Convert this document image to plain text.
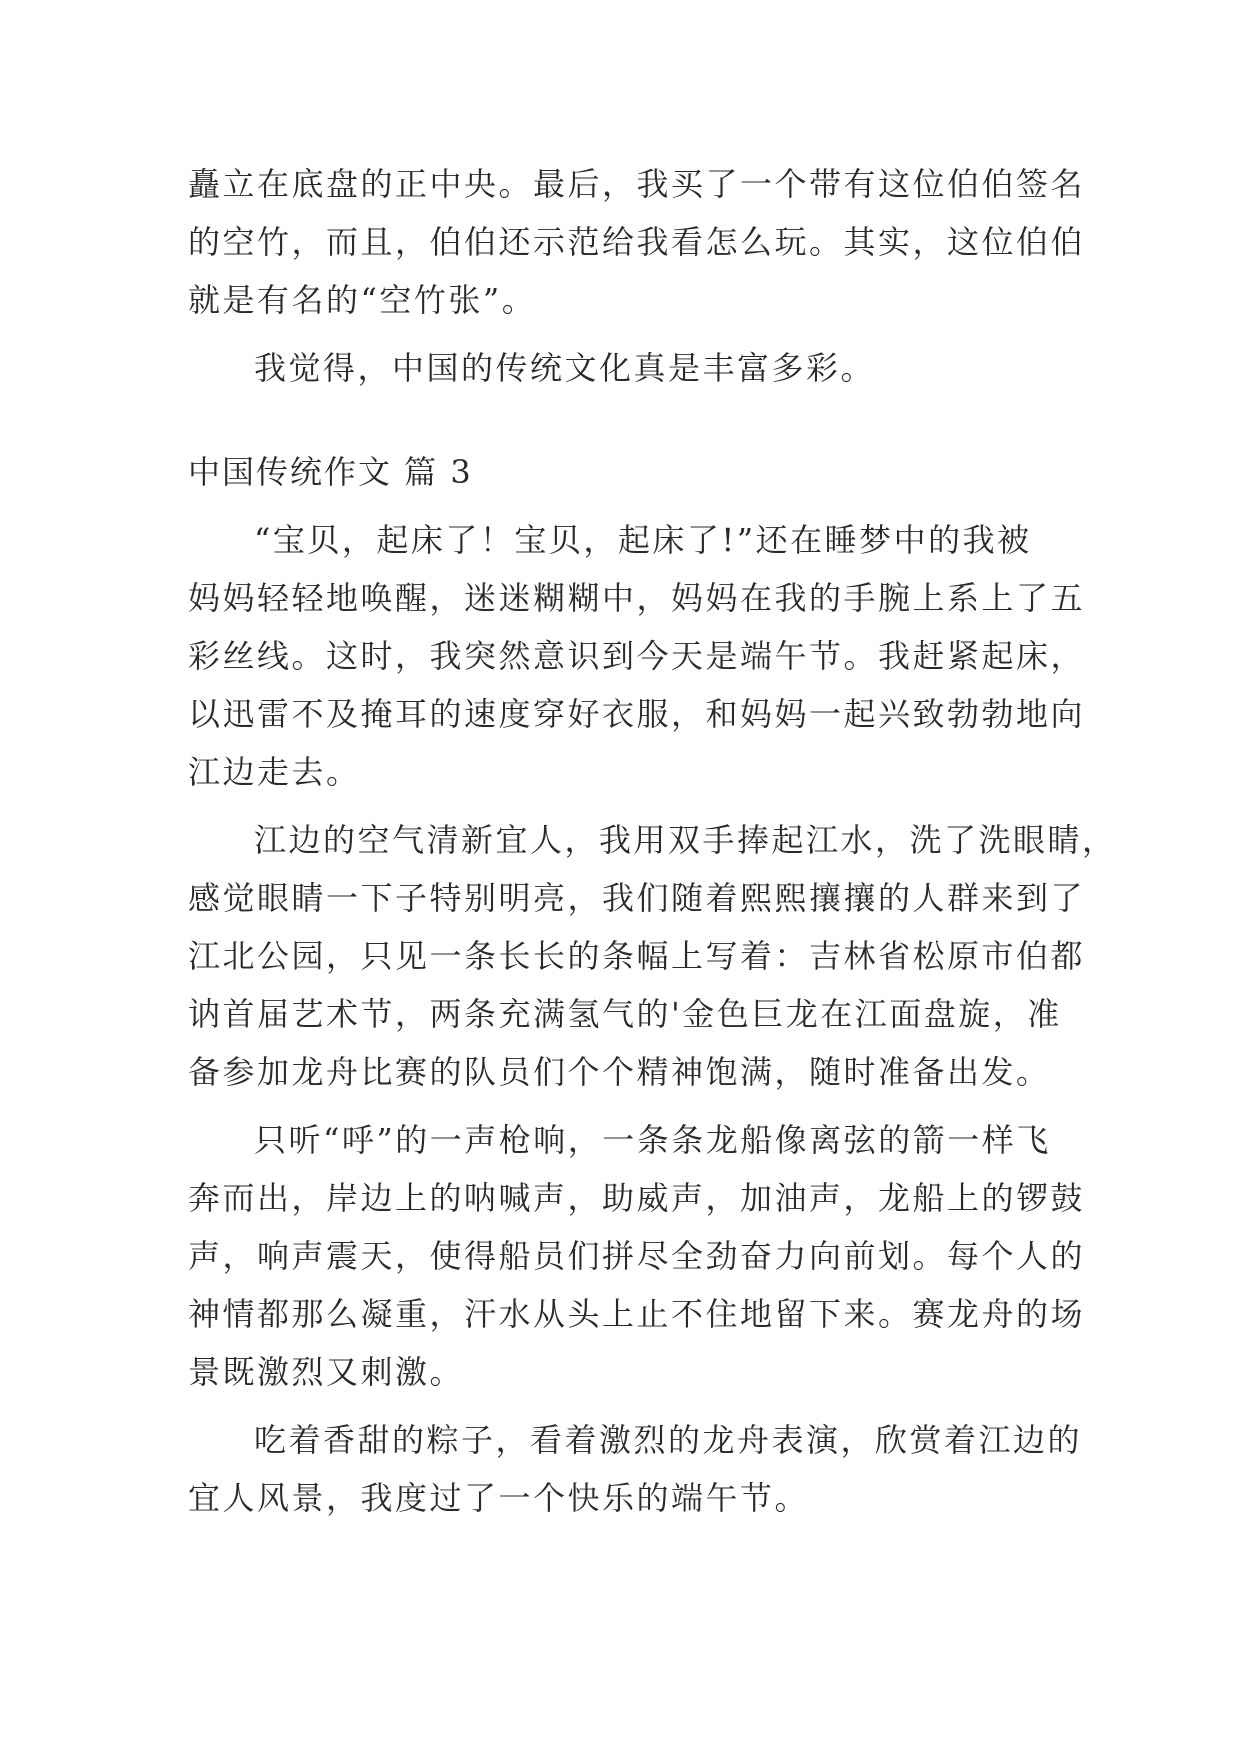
矗立在底盘的正中央。最后，我买了一个带有这位伯伯签名
的空竹，而且，伯伯还示范给我看怎么玩。其实，这位伯伯
就是有名的“空竹张”。
我觉得，中国的传统文化真是丰富多彩。
中国传统作文 篇 3
“宝贝，起床了！宝贝，起床了!”还在睡梦中的我被
妈妈轻轻地唤醒，迷迷糊糊中，妈妈在我的手腕上系上了五
彩丝线。这时，我突然意识到今天是端午节。我赶紧起床，
以迅雷不及掩耳的速度穿好衣服，和妈妈一起兴致勃勃地向
江边走去。
江边的空气清新宜人，我用双手捧起江水，洗了洗眼睛，
感觉眼睛一下子特别明亮，我们随着熙熙攘攘的人群来到了
江北公园，只见一条长长的条幅上写着：吉林省松原市伯都
讷首届艺术节，两条充满氢气的'金色巨龙在江面盘旋，准
备参加龙舟比赛的队员们个个精神饱满，随时准备出发。
只听“呼”的一声枪响，一条条龙船像离弦的箭一样飞
奔而出，岸边上的呐喊声，助威声，加油声，龙船上的锣鼓
声，响声震天，使得船员们拼尽全劲奋力向前划。每个人的
神情都那么凝重，汗水从头上止不住地留下来。赛龙舟的场
景既激烈又刺激。
吃着香甜的粽子，看着激烈的龙舟表演，欣赏着江边的
宜人风景，我度过了一个快乐的端午节。
